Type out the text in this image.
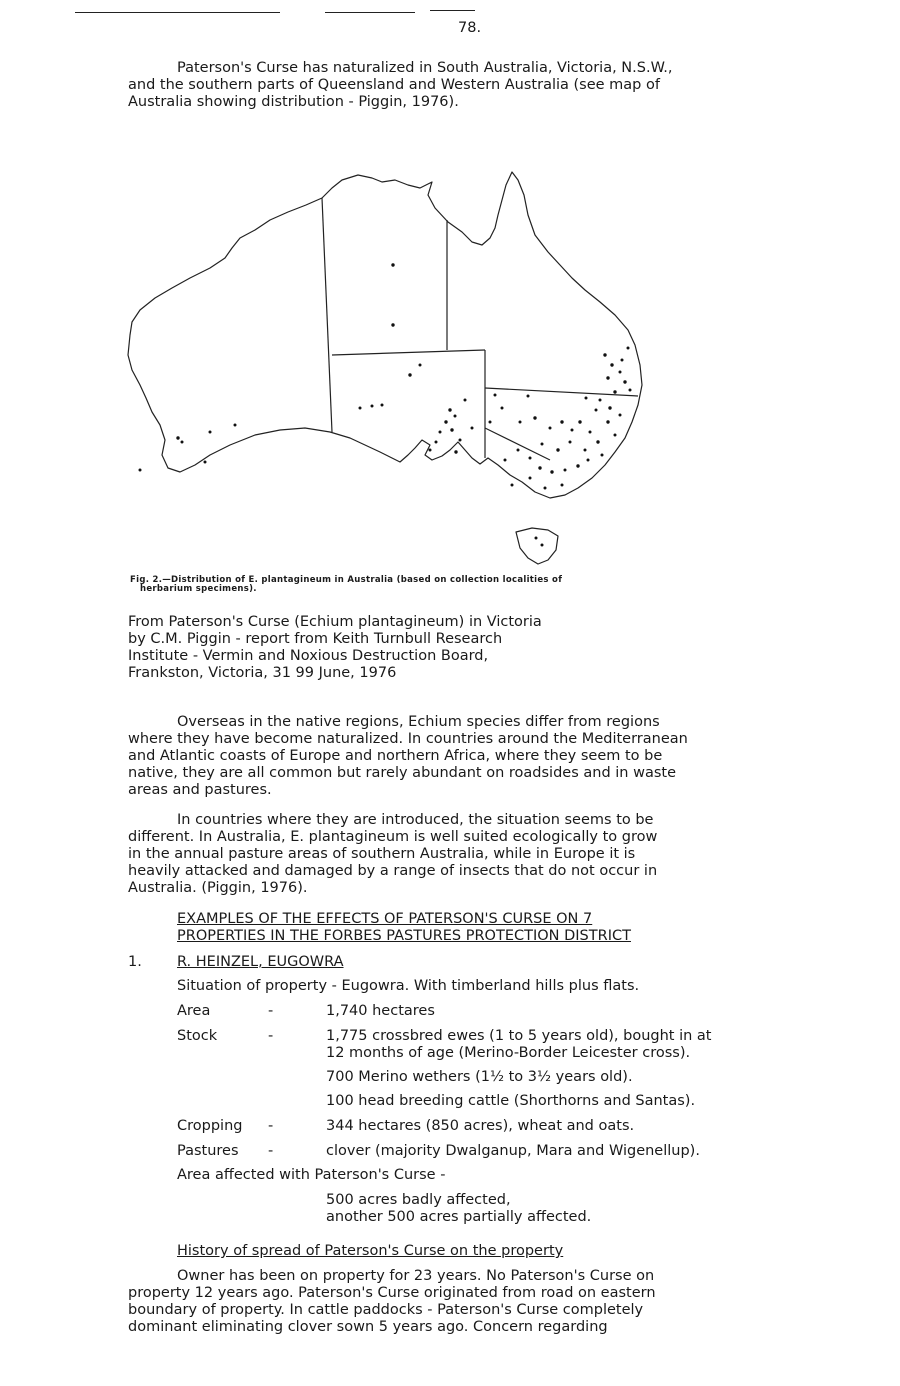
78.
Paterson's Curse has naturalized in South Australia, Victoria, N.S.W.,
and the southern parts of Queensland and Western Australia (see map of
Australia showing distribution - Piggin, 1976).
Fig. 2.—Distribution of E. plantagineum in Australia (based on collection localities of
herbarium specimens).
From Paterson's Curse (Echium plantagineum) in Victoria
by C.M. Piggin - report from Keith Turnbull Research
Institute - Vermin and Noxious Destruction Board,
Frankston, Victoria, 31 99 June, 1976
Overseas in the native regions, Echium species differ from regions
where they have become naturalized. In countries around the Mediterranean
and Atlantic coasts of Europe and northern Africa, where they seem to be
native, they are all common but rarely abundant on roadsides and in waste
areas and pastures.
In countries where they are introduced, the situation seems to be
different. In Australia, E. plantagineum is well suited ecologically to grow
in the annual pasture areas of southern Australia, while in Europe it is
heavily attacked and damaged by a range of insects that do not occur in
Australia. (Piggin, 1976).
EXAMPLES OF THE EFFECTS OF PATERSON'S CURSE ON 7
PROPERTIES IN THE FORBES PASTURES PROTECTION DISTRICT
1. R. HEINZEL, EUGOWRA
Situation of property - Eugowra. With timberland hills plus flats.
Area	-	1,740 hectares
Stock	-	1,775 crossbred ewes (1 to 5 years old), bought in at
12 months of age (Merino-Border Leicester cross).
700 Merino wethers (1½ to 3½ years old).
100 head breeding cattle (Shorthorns and Santas).
Cropping -	344 hectares (850 acres), wheat and oats.
Pastures -	clover (majority Dwalganup, Mara and Wigenellup).
Area affected with Paterson's Curse -
500 acres badly affected,
another 500 acres partially affected.
History of spread of Paterson's Curse on the property
Owner has been on property for 23 years. No Paterson's Curse on
property 12 years ago. Paterson's Curse originated from road on eastern
boundary of property. In cattle paddocks - Paterson's Curse completely
dominant eliminating clover sown 5 years ago. Concern regarding
